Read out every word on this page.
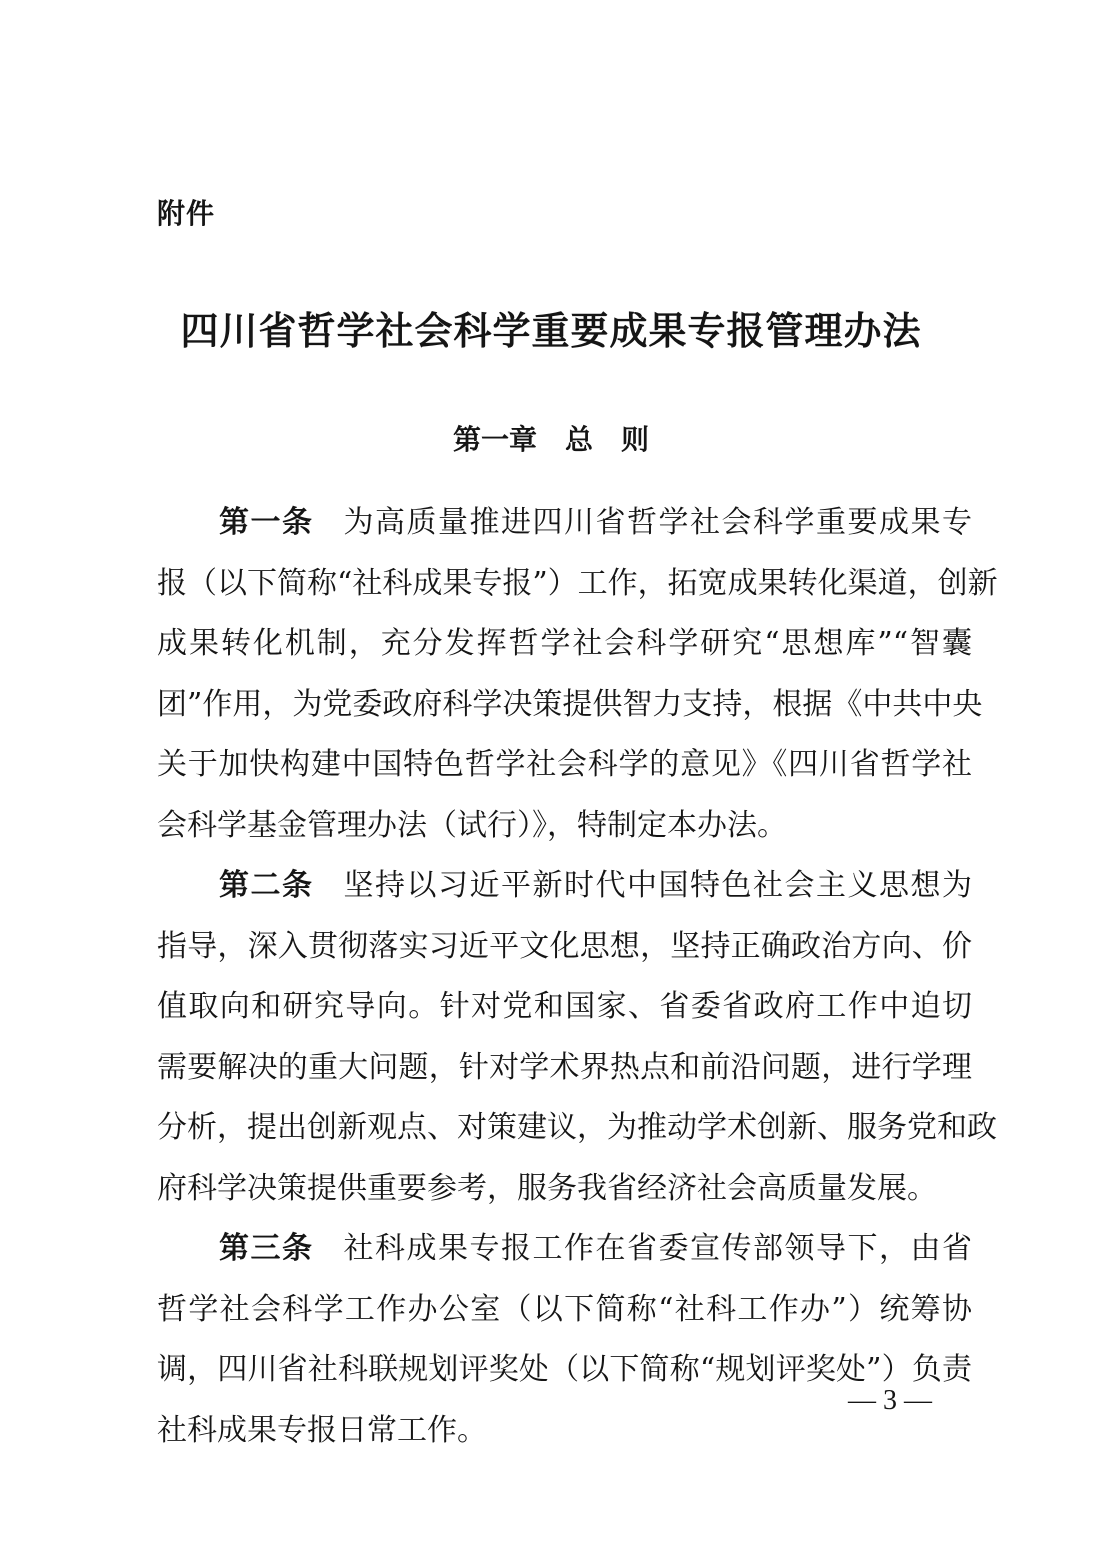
附件
四川省哲学社会科学重要成果专报管理办法
第一章　总　则
第一条 为高质量推进四川省哲学社会科学重要成果专
报（以下简称“社科成果专报”）工作，拓宽成果转化渠道，创新
成果转化机制，充分发挥哲学社会科学研究“思想库”“智囊
团”作用，为党委政府科学决策提供智力支持，根据《中共中央
关于加快构建中国特色哲学社会科学的意见》《四川省哲学社
会科学基金管理办法（试行）》，特制定本办法。
第二条 坚持以习近平新时代中国特色社会主义思想为
指导，深入贯彻落实习近平文化思想，坚持正确政治方向、价
值取向和研究导向。针对党和国家、省委省政府工作中迫切
需要解决的重大问题，针对学术界热点和前沿问题，进行学理
分析，提出创新观点、对策建议，为推动学术创新、服务党和政
府科学决策提供重要参考，服务我省经济社会高质量发展。
第三条 社科成果专报工作在省委宣传部领导下，由省
哲学社会科学工作办公室（以下简称“社科工作办”）统筹协
调，四川省社科联规划评奖处（以下简称“规划评奖处”）负责
社科成果专报日常工作。
— 3 —
